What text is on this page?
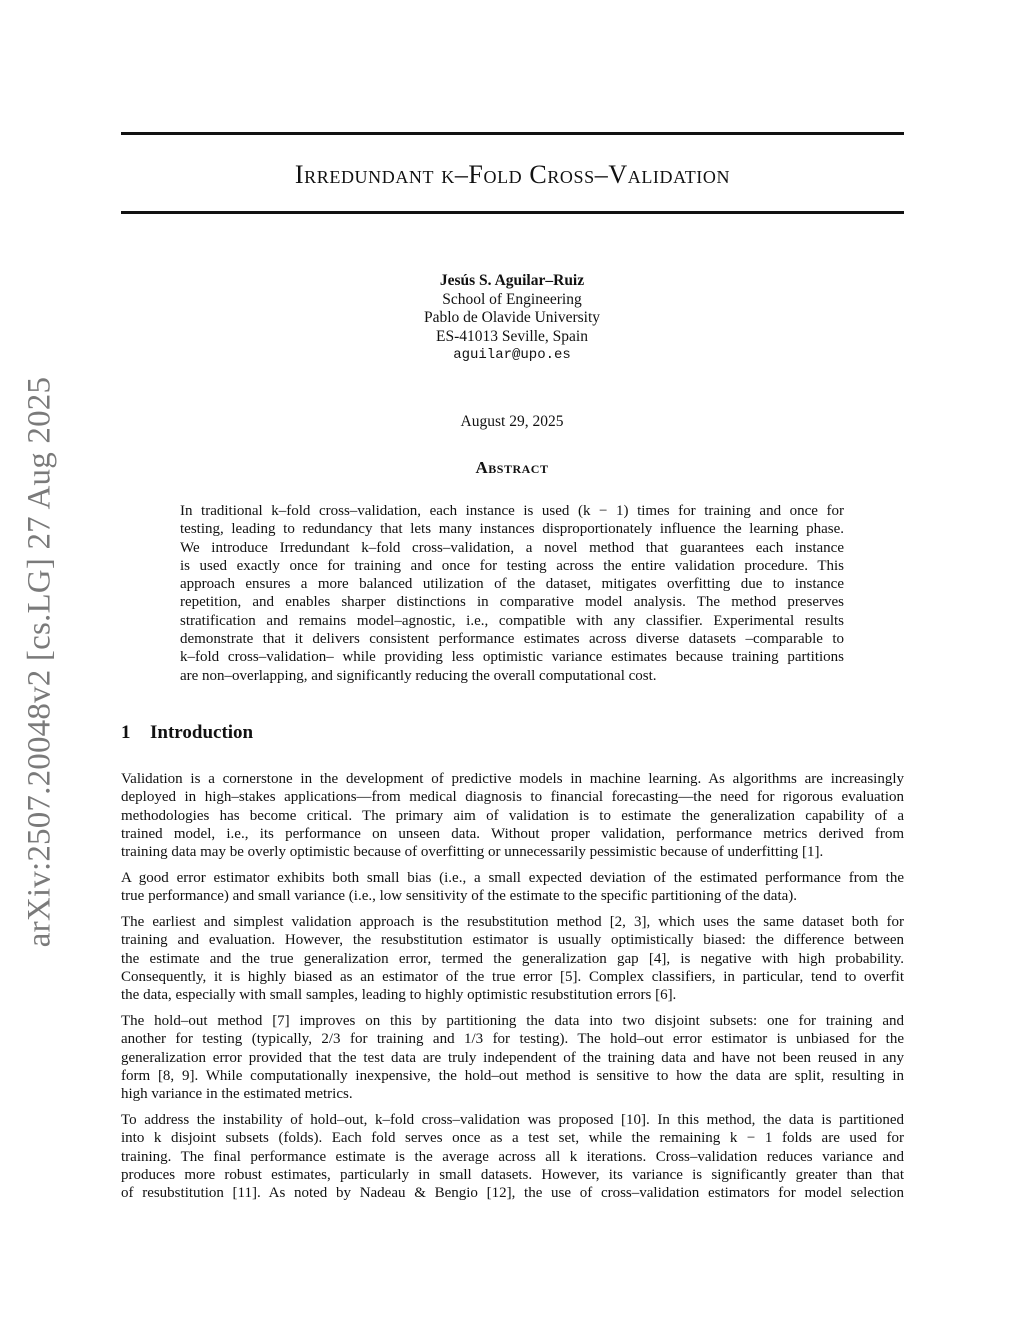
arXiv:2507.20048v2 [cs.LG] 27 Aug 2025
Irredundant k–Fold Cross–Validation
Jesús S. Aguilar–Ruiz
School of Engineering
Pablo de Olavide University
ES-41013 Seville, Spain
aguilar@upo.es
August 29, 2025
Abstract
In traditional k–fold cross–validation, each instance is used (k − 1) times for training and once for
testing, leading to redundancy that lets many instances disproportionately influence the learning phase.
We introduce Irredundant k–fold cross–validation, a novel method that guarantees each instance
is used exactly once for training and once for testing across the entire validation procedure. This
approach ensures a more balanced utilization of the dataset, mitigates overfitting due to instance
repetition, and enables sharper distinctions in comparative model analysis. The method preserves
stratification and remains model–agnostic, i.e., compatible with any classifier. Experimental results
demonstrate that it delivers consistent performance estimates across diverse datasets –comparable to
k–fold cross–validation– while providing less optimistic variance estimates because training partitions
are non–overlapping, and significantly reducing the overall computational cost.
1 Introduction

Validation is a cornerstone in the development of predictive models in machine learning. As algorithms are increasingly
deployed in high–stakes applications—from medical diagnosis to financial forecasting—the need for rigorous evaluation
methodologies has become critical. The primary aim of validation is to estimate the generalization capability of a
trained model, i.e., its performance on unseen data. Without proper validation, performance metrics derived from
training data may be overly optimistic because of overfitting or unnecessarily pessimistic because of underfitting [1].

A good error estimator exhibits both small bias (i.e., a small expected deviation of the estimated performance from the
true performance) and small variance (i.e., low sensitivity of the estimate to the specific partitioning of the data).

The earliest and simplest validation approach is the resubstitution method [2, 3], which uses the same dataset both for
training and evaluation. However, the resubstitution estimator is usually optimistically biased: the difference between
the estimate and the true generalization error, termed the generalization gap [4], is negative with high probability.
Consequently, it is highly biased as an estimator of the true error [5]. Complex classifiers, in particular, tend to overfit
the data, especially with small samples, leading to highly optimistic resubstitution errors [6].

The hold–out method [7] improves on this by partitioning the data into two disjoint subsets: one for training and
another for testing (typically, 2/3 for training and 1/3 for testing). The hold–out error estimator is unbiased for the
generalization error provided that the test data are truly independent of the training data and have not been reused in any
form [8, 9]. While computationally inexpensive, the hold–out method is sensitive to how the data are split, resulting in
high variance in the estimated metrics.

To address the instability of hold–out, k–fold cross–validation was proposed [10]. In this method, the data is partitioned
into k disjoint subsets (folds). Each fold serves once as a test set, while the remaining k − 1 folds are used for
training. The final performance estimate is the average across all k iterations. Cross–validation reduces variance and
produces more robust estimates, particularly in small datasets. However, its variance is significantly greater than that
of resubstitution [11]. As noted by Nadeau & Bengio [12], the use of cross–validation estimators for model selection
